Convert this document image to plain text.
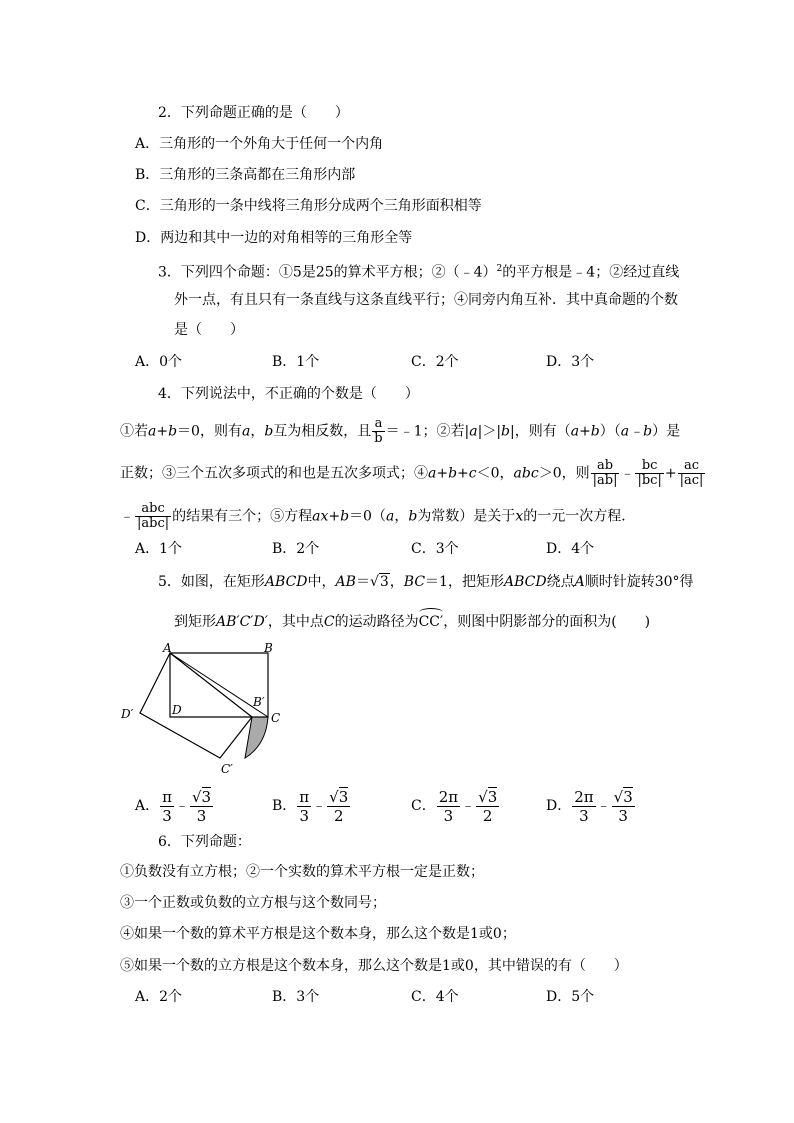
2．下列命题正确的是（　　）
A．三角形的一个外角大于任何一个内角
B．三角形的三条高都在三角形内部
C．三角形的一条中线将三角形分成两个三角形面积相等
D．两边和其中一边的对角相等的三角形全等
3．下列四个命题：①5是25的算术平方根；②（﹣4）$^2$的平方根是﹣4；②经过直线
外一点，有且只有一条直线与这条直线平行；④同旁内角互补．其中真命题的个数
是（　　）
A．0个	B．1个	C．2个	D．3个
4．下列说法中，不正确的个数是（　　）
①若a+b＝0，则有a，b互为相反数，且 $\frac{a}{b}$ ＝﹣1；②若|a|＞|b|，则有（a+b）（a﹣b）是
正数；③三个五次多项式的和也是五次多项式；④a+b+c＜0，abc＞0，则 $\frac{ab}{|ab|}$ ﹣ $\frac{bc}{|bc|} + \frac{ac}{|ac|}$
﹣ $\frac{\text{abc}}{\text{|abc|}}$ 的结果有三个；⑤方程ax+b＝0（a，b为常数）是关于x的一元一次方程．
A．1个	B．2个	C．3个	D．4个
5．如图，在矩形ABCD中，AB＝√3，BC＝1，把矩形ABCD绕点A顺时针旋转30°得
到矩形AB′C′D′，其中点C的运动路径为CC′，则图中阴影部分的面积为(　　)
A	B
B′
C
D
D′
C′
A． $\frac{\pi}{3}$ ﹣ $\frac{√3}{3}$	B． $\frac{\pi}{3}$ ﹣ $\frac{√3}{2}$	C． $\frac{2\pi}{3}$ ﹣ $\frac{√3}{2}$	D． $\frac{2\pi}{3}$ ﹣ $\frac{√3}{3}$
6．下列命题：
①负数没有立方根；②一个实数的算术平方根一定是正数；
③一个正数或负数的立方根与这个数同号；
④如果一个数的算术平方根是这个数本身，那么这个数是1或0；
⑤如果一个数的立方根是这个数本身，那么这个数是1或0，其中错误的有（　　）
A．2个	B．3个	C．4个	D．5个
